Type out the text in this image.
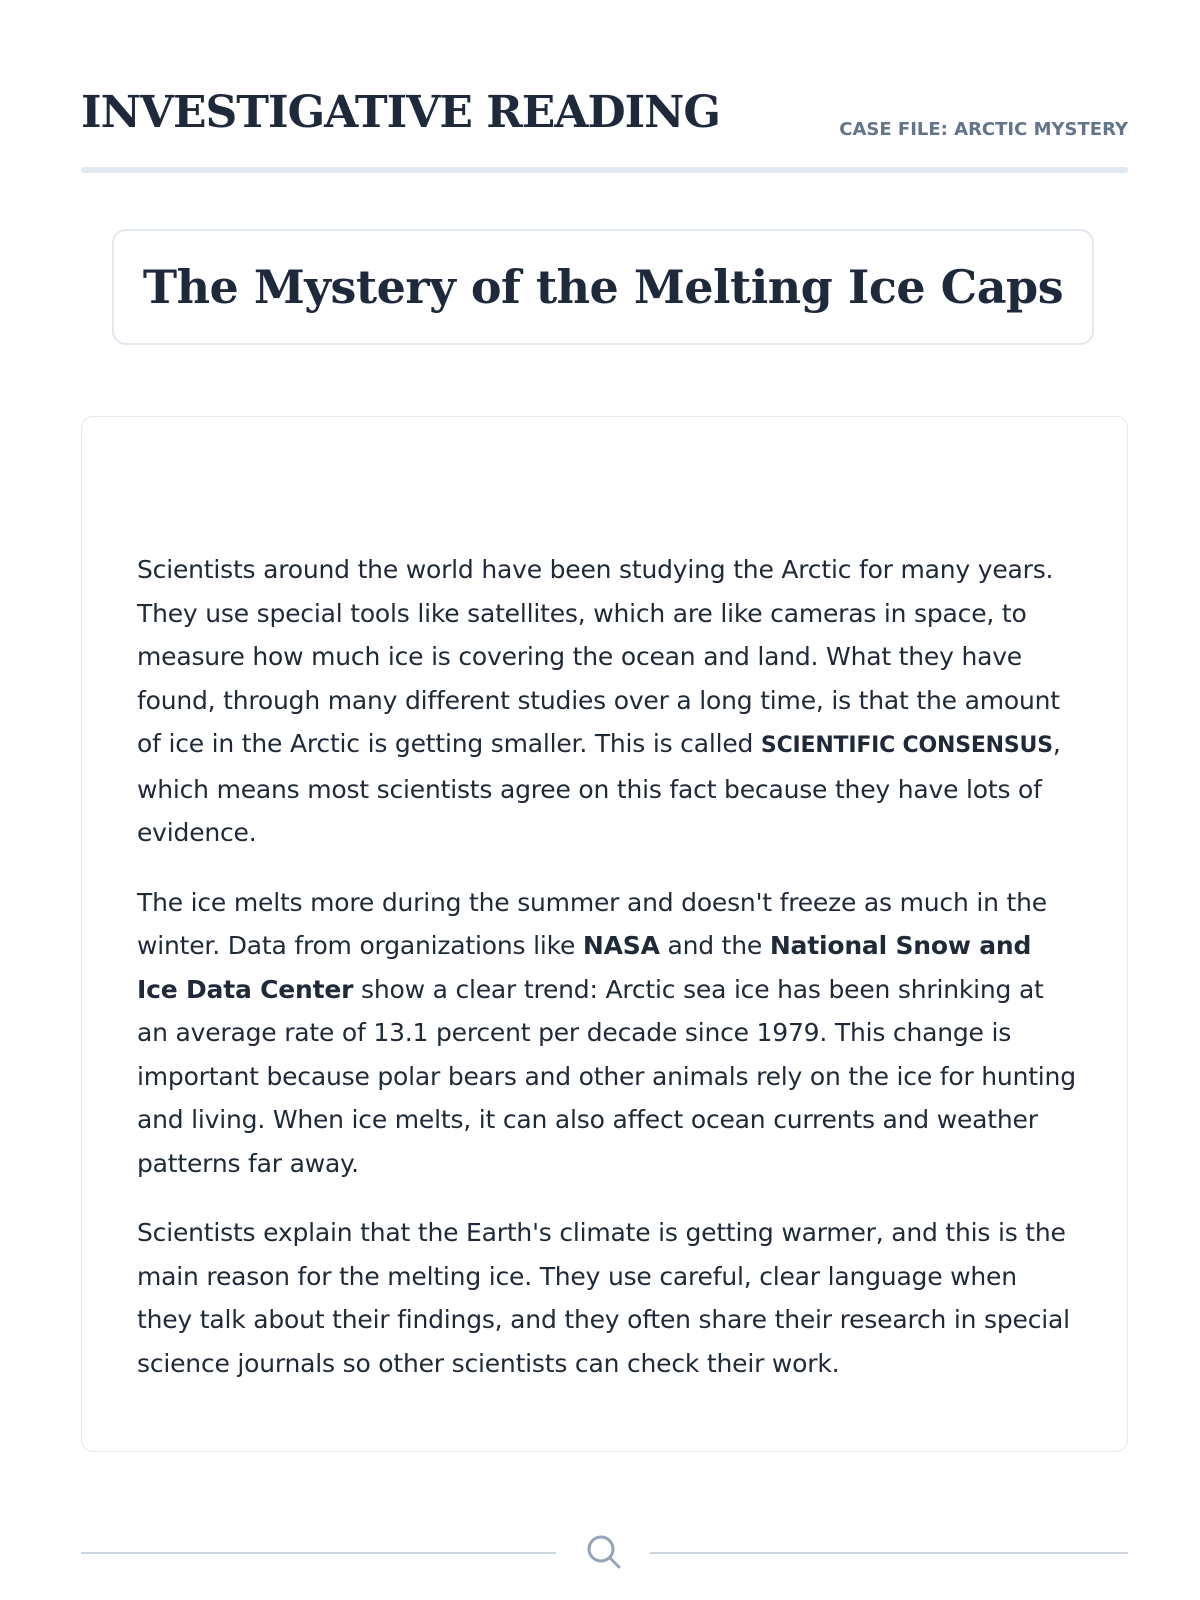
INVESTIGATIVE READING	CASE FILE: ARCTIC MYSTERY
The Mystery of the Melting Ice Caps

Scientists around the world have been studying the Arctic for many years. They use special tools like satellites, which are like cameras in space, to measure how much ice is covering the ocean and land. What they have found, through many different studies over a long time, is that the amount of ice in the Arctic is getting smaller. This is called SCIENTIFIC CONSENSUS, which means most scientists agree on this fact because they have lots of evidence.

The ice melts more during the summer and doesn't freeze as much in the winter. Data from organizations like NASA and the National Snow and Ice Data Center show a clear trend: Arctic sea ice has been shrinking at an average rate of 13.1 percent per decade since 1979. This change is important because polar bears and other animals rely on the ice for hunting and living. When ice melts, it can also affect ocean currents and weather patterns far away.

Scientists explain that the Earth's climate is getting warmer, and this is the main reason for the melting ice. They use careful, clear language when they talk about their findings, and they often share their research in special science journals so other scientists can check their work.
